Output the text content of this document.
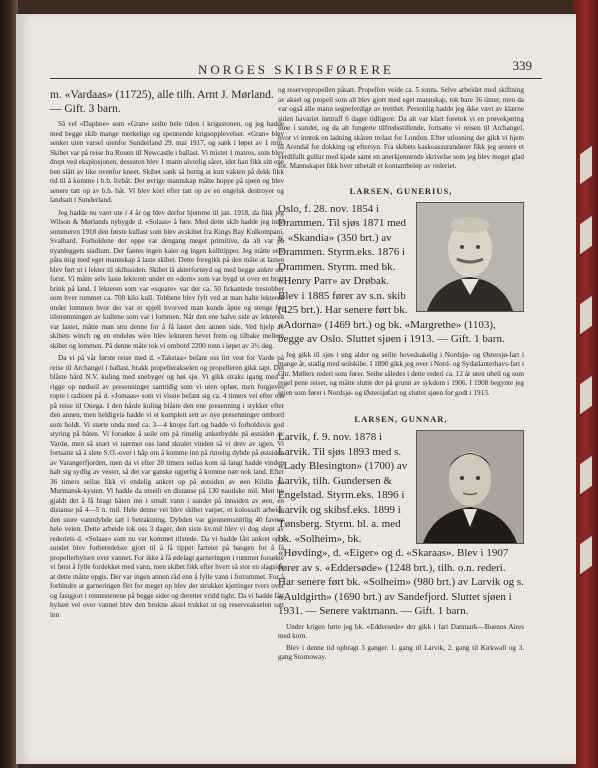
NORGES SKIBSFØRERE	339

m. «Vardaas» (11725), alle tilh. Arnt J. Mørland. — Gift. 3 barn.

Så vel «Daphne» som «Gran» seilte hele tiden i krigsstonen, og jeg hadde med begge skib mange merkelige og spennende krigsopplevelser. «Gran» blev senket uten varsel utenfor Sunderland 29. mai 1917, og sank i løpet av 1 min. Skibet var på reise fra Rouen til Newcastle i ballast. Vi mistet 1 matros, som blev drept ved eksplosjonen, dessuten blev 1 mann alvorlig såret, idet han fikk sitt ene ben slått av like ovenfor kneet. Skibet sank så hurtig at kun vakten på dekk fikk tid til å komme i b.b. livbåt. Det øvrige mannskap måtte hoppe på sjøen og blev senere tatt op av b.b. båt. Vi blev kort efter tatt op av en engelsk destroyer og landsatt i Sunderland.

Jeg hadde nu vært ute i 4 år og blev derfor hjemme til jan. 1918, da fikk jeg Wilson & Mørlands nybygde d. «Solaas» å føre. Med dette skib hadde jeg inne sommeren 1918 den første kullast som blev avskibet fra Kings Bay Kulkompani, Svalbard. Forholdene der oppe var dengang meget primitive, da alt var på nyanleggets stadium. Der fantes ingen kaier og ingen kullttipper. Jeg måtte selv påta mig med eget mannskap å laste skibet. Dette foregikk på den måte at lasten blev ført ut i lekter til skibssiden. Skibet lå akterfortøyd og med begge ankre ute forut. Vi måtte selv laste lekteren under en «dom» som var bygd ut over en bratt brink på land. I lekteren som var «square» var der ca. 50 firkantede trestobber som hver rummet ca. 700 kilo kull. Tobbene blev fylt ved at man halte lekteren under lommen hvor der var et spjell hvorved man kunde åpne og stenge for tilstrømningen av kullene som var i lommen. Når den ene halve side av lekteren var lastet, måtte man snu denne for å få lastet den annen side. Ved hjelp av skibets winch og en endeløs wire blev lekteren hevet frem og tilbake mellem skibet og lommen. På denne måte tok vi ombord 2200 tonn i løpet av 3½ døg.

Da vi på vår første reise med d. «Takstaa» befant oss litt vest for Varde på reise til Archangel i ballast, brakk propellerakselen og propelleren gikk tapt. Det blåste hård N.V. kuling med snebyger og høi sjø. Vi gikk straks igang med å rigge op nødseil av presenninger samtidig som vi uten ophør, men forgjeves ropte i radioen på d. «Jomaas» som vi visste befant sig ca. 4 timers vei efter oss på reise til Onega. I den hårde kuling blåste den ene presenning i stykker efter den annen, men heldigvis hadde vi et komplett sett av nye presenninger ombord som holdt. Vi størte unda med ca. 3—4 knops fart og hadde vi forholdsvis god styring på båten. Vi forsøkte å seile om på rimelig ankerbydde på østsiden av Vardø, men så snart vi nærmet oss land skralet vinden så vi drev av igjen. Vi fortsatte så å slete S.O.-over i håp om å komme inn på rimelig dybde på østsiden av Varangerfjorden, men da vi efter 20 timers seilas kom så langt hadde vinden halt sig sydlig av vester, så det var ganske ugjerlig å komme nær nok land. Efter 36 timers seilas fikk vi endelig ankret op på østsiden av øen Kildin på Murmansk-kysten. Vi hadde da utseilt en distanse på 130 nautiske mil. Men nu gjaldt det å få bragt båten inn i smult vann i sundet på innsiden av øen, en distanse på 4—5 n. mil. Hele denne vei blev skibet varpet, et kolossalt arbeide den store vanndybde tatt i betraktning. Dybden var gjennemsnittlig 40 favner hele veien. Dette arbeide tok oss 3 dager, den siste kv.mil blev vi dog slept av rederiets d. «Solaas» som nu var kommet tilstede. Da vi hadde fått ankret op i sundet blev forberedelser gjort til å få tippet farteiet på baugen for å få propellerhylsen over vannet. For ikke å få ødelagt garneringen i rummet forsøkte vi først å fylle fordekket med vann, men skibet fikk efter hvert så stor en slagside at dette måtte opgis. Der var ingen annen råd enn å fylle vann i forrummet. For å forhindre at garneringen flet for meget op blev der strukket kjettinger tvers over og fastgjort i rennestenene på begge sider og deretter vridd tight. Da vi hadde fått hylsen vel over vannet blev den brukne aksel trukket ut og reserveakselen satt inn

og reservepropellen påsatt. Propellen veide ca. 5 tonns. Selve arbeidet med skiftning av aksel og propell som alt blev gjort med eget mannskap, tok bare 36 timer, men da var også alle mann segneferdige av tretthet. Personlig hadde jeg ikke vært av klærne siden havariet inntraff 6 dager tidligere. Da alt var klart foretok vi en prøvekjøring inne i sundet, og da alt fungerte tilfredsstillende, fortsatte vi reisen til Archangel, hvor vi inntok en ladning skåren trelast for London. Efter utlosning der gikk vi hjem til Arendal for dokking og eftersyn. Fra skibets kaskoassurandører fikk jeg senere et verdifullt gullur med kjede samt en anerkjennende skrivelse som jeg blev meget glad for. Mannskapet fikk hver utbetalt et kontantbeløp av rederiet.

LARSEN, GUNERIUS,
Oslo, f. 28. nov. 1854 i Drammen. Til sjøs 1871 med s. «Skandia» (350 brt.) av Drammen. Styrm.eks. 1876 i Drammen. Styrm. med bk. «Henry Parr» av Drøbak. Blev i 1885 fører av s.n. skib (425 brt.). Har senere ført bk. «Adorna» (1469 brt.) og bk. «Margrethe» (1103), begge av Oslo. Sluttet sjøen i 1913. — Gift. 1 barn.

Jeg gikk til sjøs i ung alder og seilte hovedsakelig i Nordsjø- og Østersjø-fart i mange år, stadig med seilskibe. I 1890 gikk jeg over i Nord- og Sydatlanterhavs-fart i Chr. Møllers rederi som fører. Seilte således i dette rederi ca. 12 år uten uhell og som regel pene reiser, og måtte slutte der på grunn av sykdom i 1906. I 1908 begynte jeg igjen som fører i Nordsjø- og Østersjøfart og sluttet sjøen for godt i 1913.

LARSEN, GUNNAR,
Larvik, f. 9. nov. 1878 i Larvik. Til sjøs 1893 med s. «Lady Blesington» (1700) av Larvik, tilh. Gundersen & Engelstad. Styrm.eks. 1896 i Larvik og skibsf.eks. 1899 i Tønsberg. Styrm. bl. a. med bk. «Solheim», bk. «Høvding», d. «Eiger» og d. «Skaraas». Blev i 1907 fører av s. «Eddersøde» (1248 brt.), tilh. o.n. rederi. Har senere ført bk. «Solheim» (980 brt.) av Larvik og s. «Auldgirth» (1690 brt.) av Sandefjord. Sluttet sjøen i 1931. — Senere vaktmann. — Gift. 1 barn.

Under krigen førte jeg bk. «Eddersøde» der gikk i fart Danmark—Buenos Aires med korn.

Blev i denne tid opbragt 3 ganger. 1. gang til Larvik, 2. gang til Kirkwall og 3. gang Stornoway.
